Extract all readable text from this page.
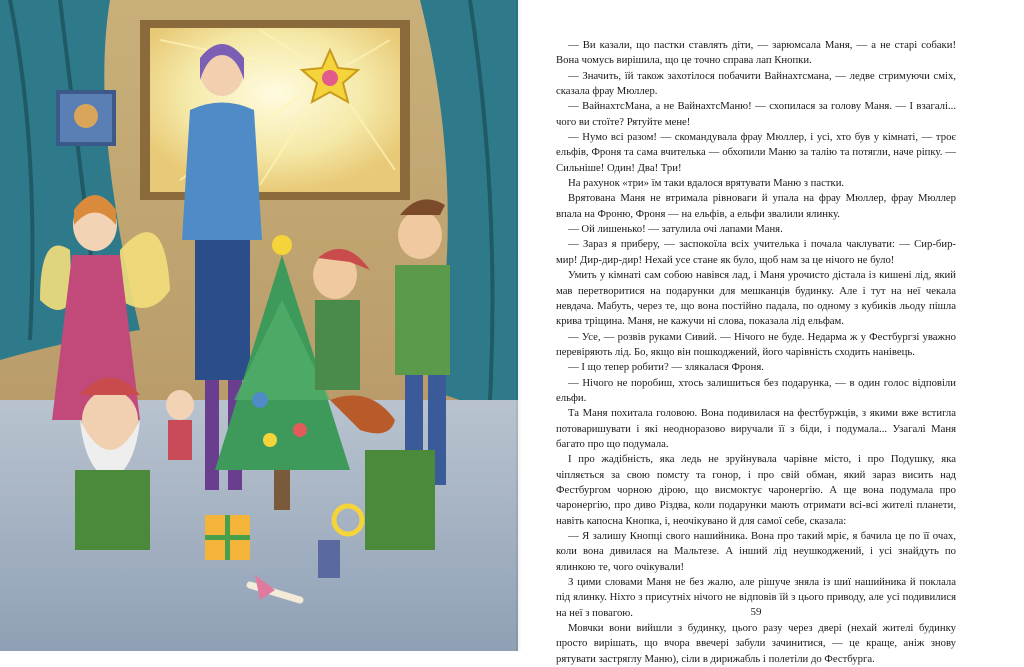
— Ви казали, що пастки ставлять діти, — зарюмсала Маня, — а не старі собаки! Вона чомусь вирішила, що це точно справа лап Кнопки.

— Значить, їй також захотілося побачити Вайнахтсмана, — ледве стримуючи сміх, сказала фрау Мюллер.

— ВайнахтсМана, а не ВайнахтсМаню! — схопилася за голову Маня. — І взагалі... чого ви стоїте? Рятуйте мене!

— Нумо всі разом! — скомандувала фрау Мюллер, і усі, хто був у кімнаті, — троє ельфів, Фроня та сама вчителька — обхопили Маню за талію та потягли, наче ріпку. — Сильніше! Один! Два! Три!

На рахунок «три» їм таки вдалося врятувати Маню з пастки.

Врятована Маня не втримала рівноваги й упала на фрау Мюллер, фрау Мюллер впала на Фроню, Фроня — на ельфів, а ельфи звалили ялинку.

— Ой лишенько! — затулила очі лапами Маня.

— Зараз я приберу, — заспокоїла всіх учителька і почала чаклувати: — Сир-бир-мир! Дир-дир-дир! Нехай усе стане як було, щоб нам за це нічого не було!

Умить у кімнаті сам собою навівся лад, і Маня урочисто дістала із кишені лід, який мав перетворитися на подарунки для мешканців будинку. Але і тут на неї чекала невдача. Мабуть, через те, що вона постійно падала, по одному з кубиків льоду пішла крива тріщина. Маня, не кажучи ні слова, показала лід ельфам.

— Усе, — розвів руками Сивий. — Нічого не буде. Недарма ж у Фестбургзі уважно перевіряють лід. Бо, якщо він пошкоджений, його чарівність сходить нанівець.

— І що тепер робити? — злякалася Фроня.

— Нічого не поробиш, хтось залишиться без подарунка, — в один голос відповіли ельфи.

Та Маня похитала головою. Вона подивилася на фестбуржців, з якими вже встигла потоваришувати і які неодноразово виручали її з біди, і подумала... Узагалі Маня багато про що подумала.

І про жадібність, яка ледь не зруйнувала чарівне місто, і про Подушку, яка чіпляється за свою помсту та гонор, і про свій обман, який зараз висить над Фестбургом чорною дірою, що висмоктує чаронергію. А ще вона подумала про чаронергію, про диво Різдва, коли подарунки мають отримати всі-всі жителі планети, навіть капосна Кнопка, і, неочікувано й для самої себе, сказала:

— Я залишу Кнопці свого нашийника. Вона про такий мріє, я бачила це по її очах, коли вона дивилася на Мальтезе. А інший лід неушкоджений, і усі знайдуть по ялинкою те, чого очікували!

З цими словами Маня не без жалю, але рішуче зняла із шиї нашийника й поклала під ялинку. Ніхто з присутніх нічого не відповів їй з цього приводу, але усі подивилися на неї з повагою.

Мовчки вони вийшли з будинку, цього разу через двері (нехай жителі будинку просто вирішать, що вчора ввечері забули зачинитися, — це краще, аніж знову рятувати застряглу Маню), сіли в дирижабль і полетіли до Фестбурга.

59
